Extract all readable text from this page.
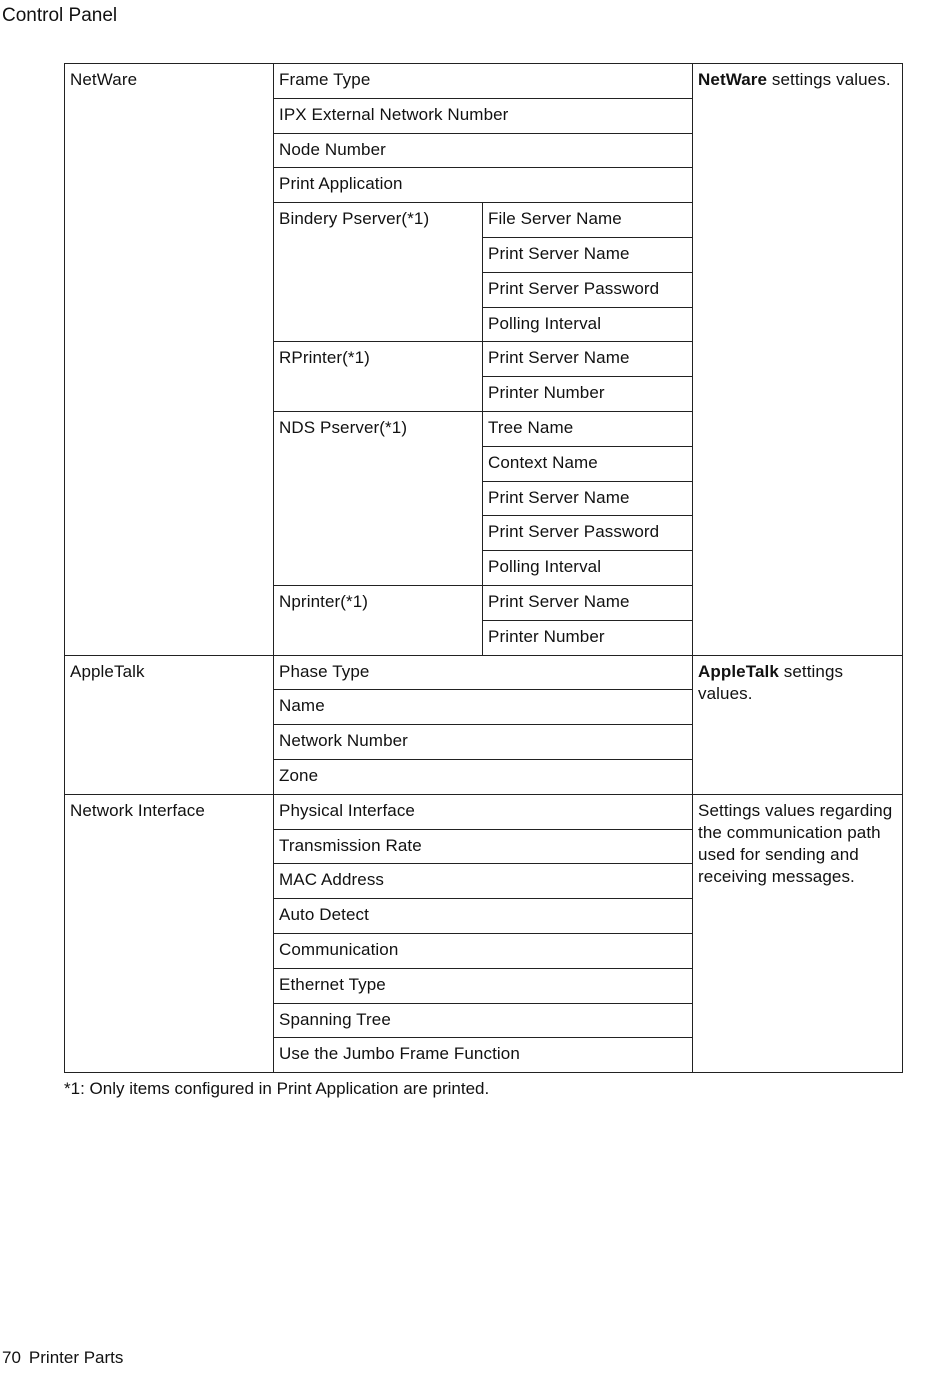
Control Panel
NetWare	Frame Type		NetWare settings values.
	IPX External Network Number		
	Node Number		
	Print Application		
	Bindery Pserver(*1)	File Server Name	
		Print Server Name	
		Print Server Password	
		Polling Interval	
	RPrinter(*1)	Print Server Name	
		Printer Number	
	NDS Pserver(*1)	Tree Name	
		Context Name	
		Print Server Name	
		Print Server Password	
		Polling Interval	
	Nprinter(*1)	Print Server Name	
		Printer Number	
AppleTalk	Phase Type		AppleTalk settings values.
	Name		
	Network Number		
	Zone		
Network Interface	Physical Interface		Settings values regarding the communication path used for sending and receiving messages.
	Transmission Rate		
	MAC Address		
	Auto Detect		
	Communication		
	Ethernet Type		
	Spanning Tree		
	Use the Jumbo Frame Function		
*1: Only items configured in Print Application are printed.
70 Printer Parts
